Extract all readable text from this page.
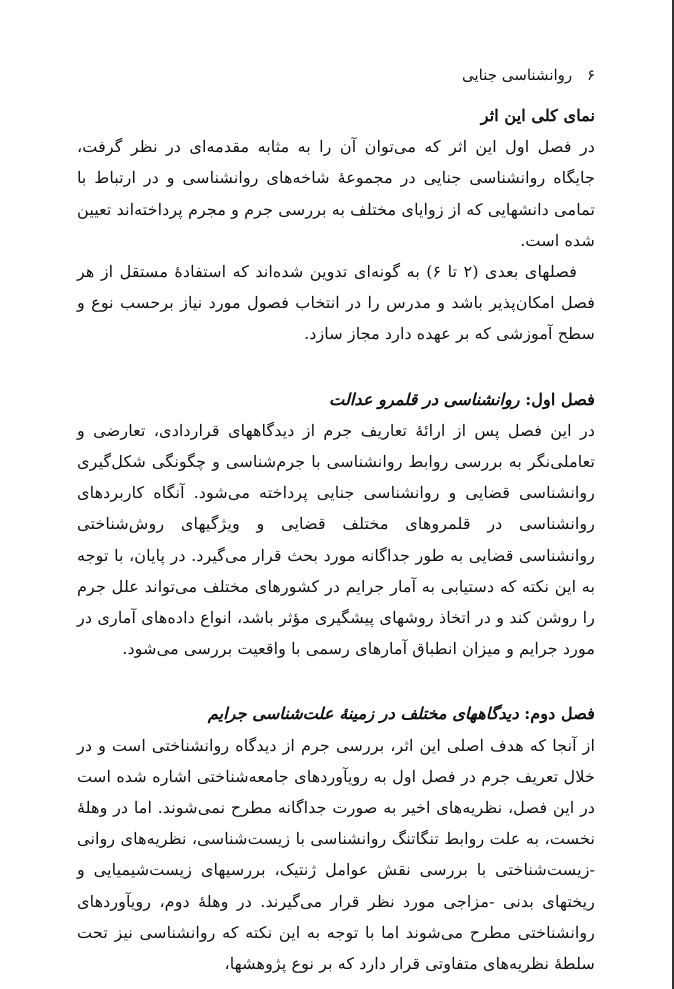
۶ روانشناسی جنایی

نمای کلی این اثر

در فصل اول این اثر که می‌توان آن را به مثابه مقدمه‌ای در نظر گرفت، جایگاه روانشناسی جنایی در مجموعهٔ شاخه‌های روانشناسی و در ارتباط با تمامی دانشهایی که از زوایای مختلف به بررسی جرم و مجرم پرداخته‌اند تعیین شده است.

فصلهای بعدی (۲ تا ۶) به گونه‌ای تدوین شده‌اند که استفادهٔ مستقل از هر فصل امکان‌پذیر باشد و مدرس را در انتخاب فصول مورد نیاز برحسب نوع و سطح آموزشی که بر عهده دارد مجاز سازد.

فصل اول: روانشناسی در قلمرو عدالت

در این فصل پس از ارائهٔ تعاریف جرم از دیدگاههای قراردادی، تعارضی و تعاملی‌نگر به بررسی روابط روانشناسی با جرم‌شناسی و چگونگی شکل‌گیری روانشناسی قضایی و روانشناسی جنایی پرداخته می‌شود. آنگاه کاربردهای روانشناسی در قلمروهای مختلف قضایی و ویژگیهای روش‌شناختی روانشناسی قضایی به طور جداگانه مورد بحث قرار می‌گیرد. در پایان، با توجه به این نکته که دستیابی به آمار جرایم در کشورهای مختلف می‌تواند علل جرم را روشن کند و در اتخاذ روشهای پیشگیری مؤثر باشد، انواع داده‌های آماری در مورد جرایم و میزان انطباق آمارهای رسمی با واقعیت بررسی می‌شود.

فصل دوم: دیدگاههای مختلف در زمینهٔ علت‌شناسی جرایم

از آنجا که هدف اصلی این اثر، بررسی جرم از دیدگاه روانشناختی است و در خلال تعریف جرم در فصل اول به رویآوردهای جامعه‌شناختی اشاره شده است در این فصل، نظریه‌های اخیر به صورت جداگانه مطرح نمی‌شوند. اما در وهلهٔ نخست، به علت روابط تنگاتنگ روانشناسی با زیست‌شناسی، نظریه‌های روانی -زیست‌شناختی با بررسی نقش عوامل ژنتیک، بررسیهای زیست‌شیمیایی و ریختهای بدنی -مزاجی مورد نظر قرار می‌گیرند. در وهلهٔ دوم، رویآوردهای روانشناختی مطرح می‌شوند اما با توجه به این نکته که روانشناسی نیز تحت سلطهٔ نظریه‌های متفاوتی قرار دارد که بر نوع پژوهشها،
